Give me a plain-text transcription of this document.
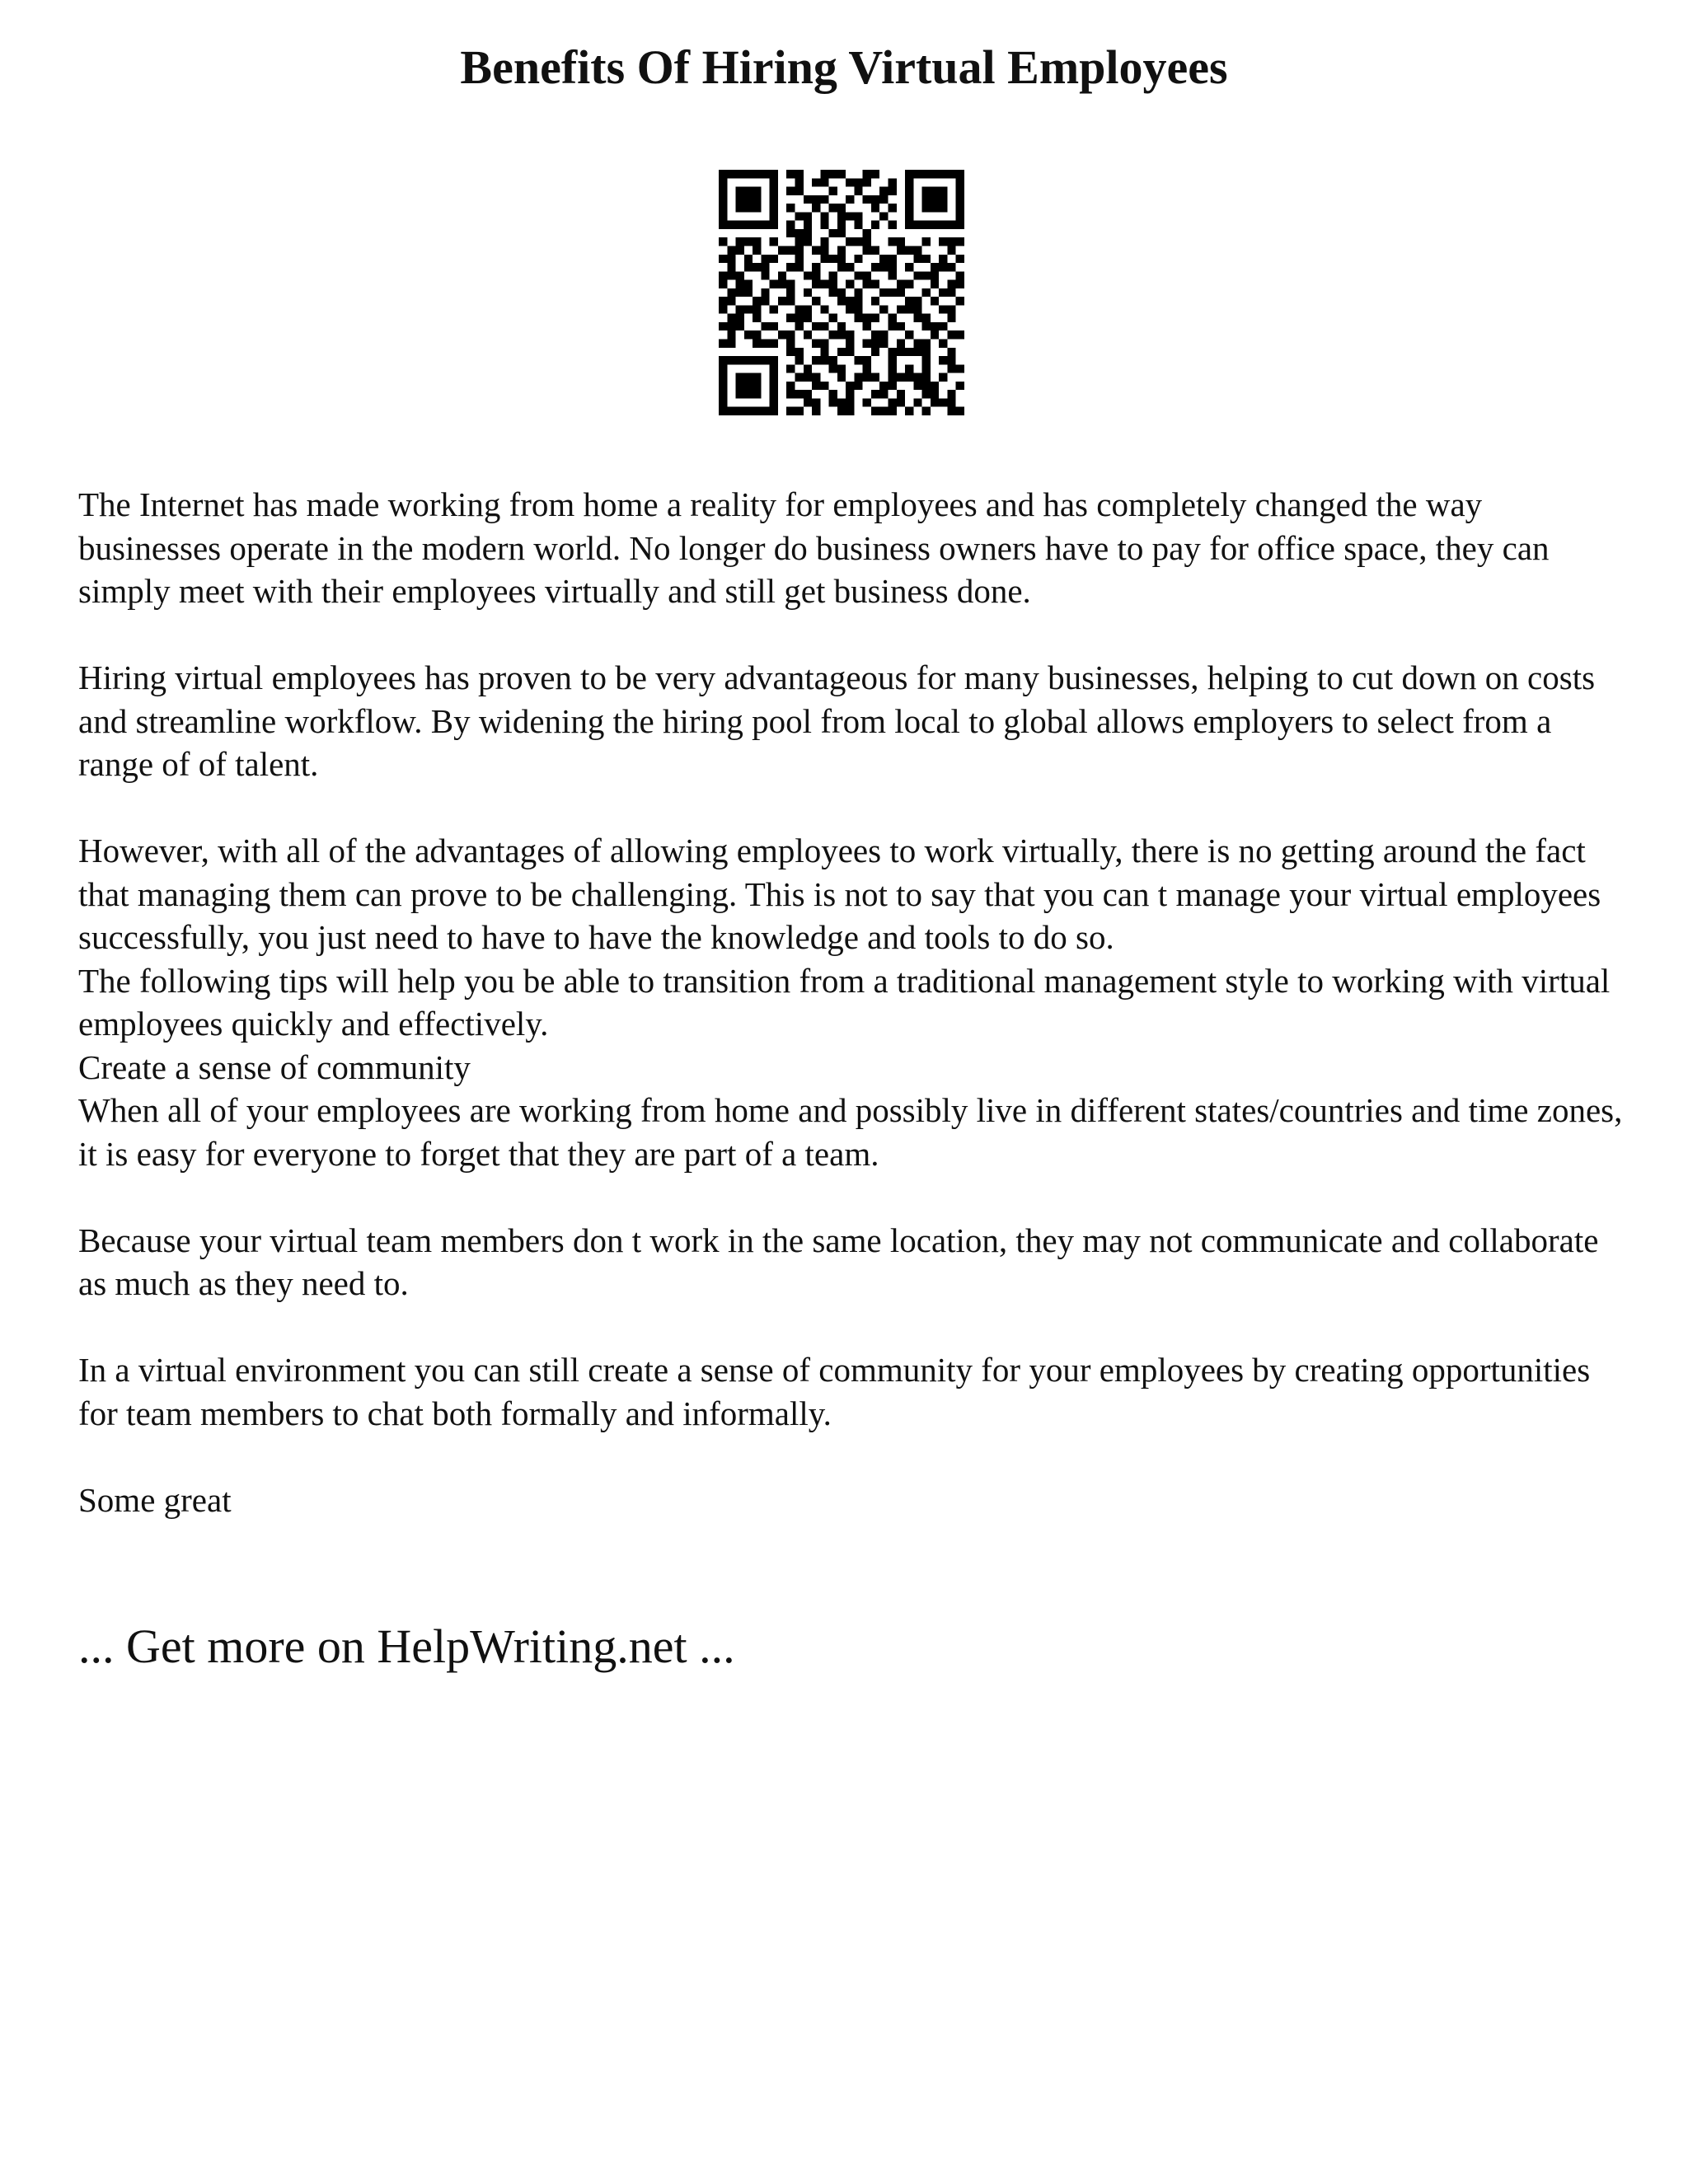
Benefits Of Hiring Virtual Employees

The Internet has made working from home a reality for employees and has completely changed the way businesses operate in the modern world. No longer do business owners have to pay for office space, they can simply meet with their employees virtually and still get business done.

Hiring virtual employees has proven to be very advantageous for many businesses, helping to cut down on costs and streamline workflow. By widening the hiring pool from local to global allows employers to select from a range of of talent.

However, with all of the advantages of allowing employees to work virtually, there is no getting around the fact that managing them can prove to be challenging. This is not to say that you can t manage your virtual employees successfully, you just need to have to have the knowledge and tools to do so.

The following tips will help you be able to transition from a traditional management style to working with virtual employees quickly and effectively.

Create a sense of community

When all of your employees are working from home and possibly live in different states/countries and time zones, it is easy for everyone to forget that they are part of a team.

Because your virtual team members don t work in the same location, they may not communicate and collaborate as much as they need to.

In a virtual environment you can still create a sense of community for your employees by creating opportunities for team members to chat both formally and informally.

Some great

... Get more on HelpWriting.net ...
